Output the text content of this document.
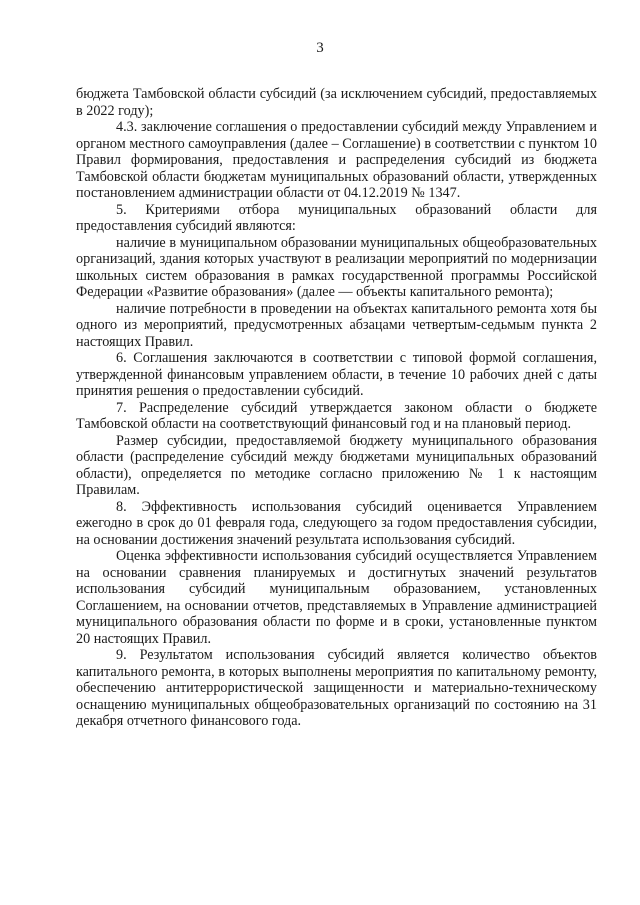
3

бюджета Тамбовской области субсидий (за исключением субсидий, предоставляемых в 2022 году);

4.3. заключение соглашения о предоставлении субсидий между Управлением и органом местного самоуправления (далее – Соглашение) в соответствии с пунктом 10 Правил формирования, предоставления и распределения субсидий из бюджета Тамбовской области бюджетам муниципальных образований области, утвержденных постановлением администрации области от 04.12.2019 № 1347.

5. Критериями отбора муниципальных образований области для предоставления субсидий являются:

наличие в муниципальном образовании муниципальных общеобразовательных организаций, здания которых участвуют в реализации мероприятий по модернизации школьных систем образования в рамках государственной программы Российской Федерации «Развитие образования» (далее — объекты капитального ремонта);

наличие потребности в проведении на объектах капитального ремонта хотя бы одного из мероприятий, предусмотренных абзацами четвертым-седьмым пункта 2 настоящих Правил.

6. Соглашения заключаются в соответствии с типовой формой соглашения, утвержденной финансовым управлением области, в течение 10 рабочих дней с даты принятия решения о предоставлении субсидий.

7. Распределение субсидий утверждается законом области о бюджете Тамбовской области на соответствующий финансовый год и на плановый период.

Размер субсидии, предоставляемой бюджету муниципального образования области (распределение субсидий между бюджетами муниципальных образований области), определяется по методике согласно приложению № 1 к настоящим Правилам.

8. Эффективность использования субсидий оценивается Управлением ежегодно в срок до 01 февраля года, следующего за годом предоставления субсидии, на основании достижения значений результата использования субсидий.

Оценка эффективности использования субсидий осуществляется Управлением на основании сравнения планируемых и достигнутых значений результатов использования субсидий муниципальным образованием, установленных Соглашением, на основании отчетов, представляемых в Управление администрацией муниципального образования области по форме и в сроки, установленные пунктом 20 настоящих Правил.

9. Результатом использования субсидий является количество объектов капитального ремонта, в которых выполнены мероприятия по капитальному ремонту, обеспечению антитеррористической защищенности и материально-техническому оснащению муниципальных общеобразовательных организаций по состоянию на 31 декабря отчетного финансового года.
